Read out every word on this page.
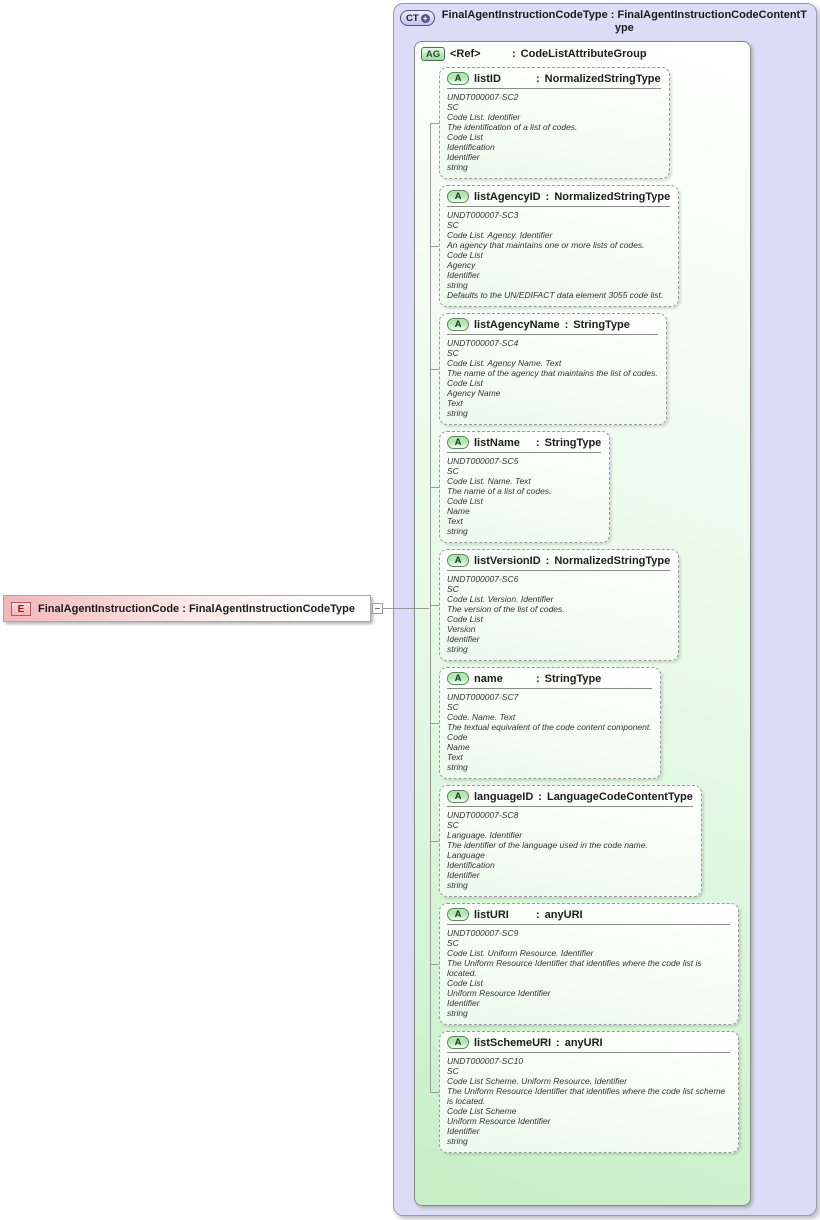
CT + FinalAgentInstructionCodeType : FinalAgentInstructionCodeContentType
AG <Ref>	: CodeListAttributeGroup
A	listID	: NormalizedStringType
UNDT000007-SC2
SC
Code List. Identifier
The identification of a list of codes.
Code List
Identification
Identifier
string
A	listAgencyID : NormalizedStringType
UNDT000007-SC3
SC
Code List. Agency. Identifier
An agency that maintains one or more lists of codes.
Code List
Agency
Identifier
string
Defaults to the UN/EDIFACT data element 3055 code list.
A	listAgencyName : StringType
UNDT000007-SC4
SC
Code List. Agency Name. Text
The name of the agency that maintains the list of codes.
Code List
Agency Name
Text
string
A	listName	: StringType
UNDT000007-SC5
SC
Code List. Name. Text
The name of a list of codes.
Code List
Name
Text
string
A	listVersionID : NormalizedStringType
UNDT000007-SC6
SC
Code List. Version. Identifier
The version of the list of codes.
Code List
Version
Identifier
string
A	name	: StringType
UNDT000007-SC7
SC
Code. Name. Text
The textual equivalent of the code content component.
Code
Name
Text
string
A	languageID : LanguageCodeContentType
UNDT000007-SC8
SC
Language. Identifier
The identifier of the language used in the code name.
Language
Identification
Identifier
string
A	listURI	: anyURI
UNDT000007-SC9
SC
Code List. Uniform Resource. Identifier
The Uniform Resource Identifier that identifies where the code list is located.
Code List
Uniform Resource Identifier
Identifier
string
A	listSchemeURI : anyURI
UNDT000007-SC10
SC
Code List Scheme. Uniform Resource. Identifier
The Uniform Resource Identifier that identifies where the code list scheme is located.
Code List Scheme
Uniform Resource Identifier
Identifier
string
E	FinalAgentInstructionCode : FinalAgentInstructionCodeType
